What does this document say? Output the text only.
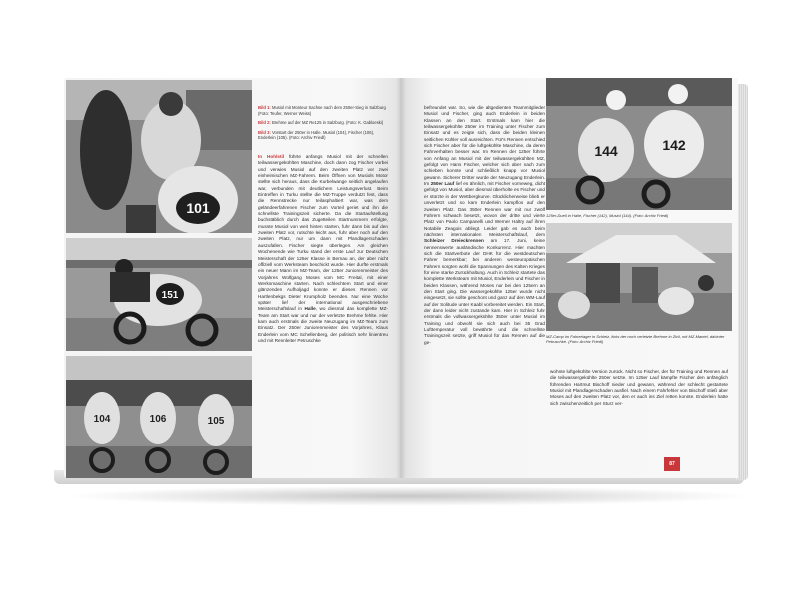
101

Bild 1: Musiol mit Monteur Sachse nach dem 250er-Sieg in Salzburg (Foto: Teufer, Werner Weiss)

Bild 2: Brehme auf der MZ Re125 in Salzburg. (Foto: K. Gabloeski)

Bild 3: Vorstart der 250er in Halle. Musiol (104), Fischer (106), Enderlein (105). (Foto: Archiv Friedl)

In Hohlstil führte anfangs Musiol mit der schnellen teilwassergekühlten Maschine, doch dann zog Fischer vorbei und verwies Musiol auf den zweiten Platz vor zwei einheimischen MZ-Fahrern. Beim Öffnen von Musiols Motor stellte sich heraus, dass die Kurbelwange seitlich angelaufen war, verbunden mit deutlichem Leistungsverlust. Beim Eintreffen in Turku stellte die MZ-Truppe verdutzt fest, dass die Rennstrecke nur teilasphaltiert war, was dem geländeerfahrenen Fischer zum Vorteil geriet und ihn die schnellste Trainingszeit sicherte. Da die Startaufstellung buchstäblich durch das Zugetteilen Startnummern erfolgte, musste Musiol von weit hinten starten, fuhr dann bis auf den zweiten Platz vor, rutschte leicht aus, fuhr aber noch auf den zweiten Platz, nur um dann mit Plandlagerschaden auszufallen. Fischer siegte überlegen. Am gleichen Wochenende wie Turku stand der erste Lauf zur Deutschen Meisterschaft der 125er Klasse in Bernau an, der aber nicht offiziell vom Werksteam beschickt wurde. Hier durfte erstmals ein neuer Mann im MZ-Team, der 125er Juniorenmeister des Vorjahres Wolfgang Moses vom MC Freital, mit einer Werksmaschine starten. Nach schlechtem Start und einer glänzenden Aufholjagd konnte er dieses Rennen vor Hartlenbekgs Dieter Krumpholz beenden. Nur eine Woche später lief der international ausgeschriebene Meisterschaftslauf in Halle, wo diesmal das komplette MZ-Team am Start war und nur der verletzte Brehme fehlte. Hier kam auch erstmals die zweite Neuzugang im MZ-Team zum Einsatz. Der 250er Juniorenmeister des Vorjahres, Klaus Enderlein vom MC Schellenberg, der politisch sehr linientreu und mit Rennleiter Petruschke

151
104	106	105

befreundet war. So, wie die altgedienten Teammitglieder Musiol und Fischer, ging auch Enderlein in beiden Klassen an den Start. Erstmals kam hier die teilwassergekühlte 250er im Training unter Fischer zum Einsatz und es zeigte sich, dass die beiden kleinen seitlichen Kühler voll ausreichten. Für's Rennen entschied sich Fischer aber für die luftgekühlte Maschine, da deren Fahrverhalten besser war. Im Rennen der 125er führte von Anfang an Musiol mit der teilwassergekühlten MZ, gefolgt von Hans Fischer, welcher sich aber nach zum schieben konnte und schließlich knapp vor Musiol gewann. Sicherer Dritter wurde der Neuzugang Enderlein. Im 250er Lauf lief es ähnlich, mit Fischer vorneweg, dicht gefolgt von Musiol, aber diesmal überholte es Fischer und er stürzte in der Wettbergkurve. Glücklicherweise blieb er unverletzt und so kam Enderlein kampflos auf den zweiten Platz. Das 350er Rennen war mit nur zwölf Fahrern schwach besetzt, wovon der dritte und vierte Platz von Paolo Campanelli und Werner Haltry auf ihren Notabile Zeagois abliegt. Leider gab es auch beim nächsten internationalen Meisterschaftslauf, dem Schleizer Dreieckrennen am 17. Juni, keine nennenswerte ausländische Konkurrenz. Hier machten sich die Startverbote der DHK für die westdeutschen Fahrer bemerkbar; bei anderen westeuropäischen Fahrern sorgten wohl die Spannungen des Kalten Krieges für eine starke Zurückhaltung. Auch in Schleiz startete das komplette Werksteam mit Musiol, Enderlein und Fischer in beiden Klassen, während Moses nur bei den 125ern an den Start ging. Die wassergekühlte 125er wurde nicht eingesetzt, sie sollte geschont und ganz auf den WM-Lauf auf der Solitude unter Kaabl vorbereitet werden. Ein Start, der dann leider nicht zustande kam. Hier in Schleiz fuhr erstmals die vollwassergekühlte 350er unter Musiol im Training und obwohl sie sich auch bei 35 Grad Lufttemperatur voll bewährte und die schnellste Trainingszeit setzte, griff Musiol für das Rennen auf die ge-

144	142
125er-Duell in Halle, Fischer (142), Musiol (144). (Foto: Archiv Friedl)
MZ-Camp im Fahrerlager in Schleiz, links der noch verletzte Brehme in Zivil, mit MZ-Mantel, dahinter Petruschke. (Foto: Archiv Friedl)

wohnte luftgekühlte Version zurück. Nicht so Fischer, der für Training und Rennen auf die teilwassergekühlte 250er setzte. Im 125er Lauf kämpfte Fischer den anfänglich führenden Hartmut Bischoff nieder und gewann, während der schlecht gestartete Musiol mit Plandlagerschaden ausfiel. Nach einem Fahrfehler von Bischoff stieß aber Moses auf den zweiten Platz vor, den er auch ins Ziel retten konnte. Enderlein hatte sich zwischenzeitlich per Sturz ver-

87
